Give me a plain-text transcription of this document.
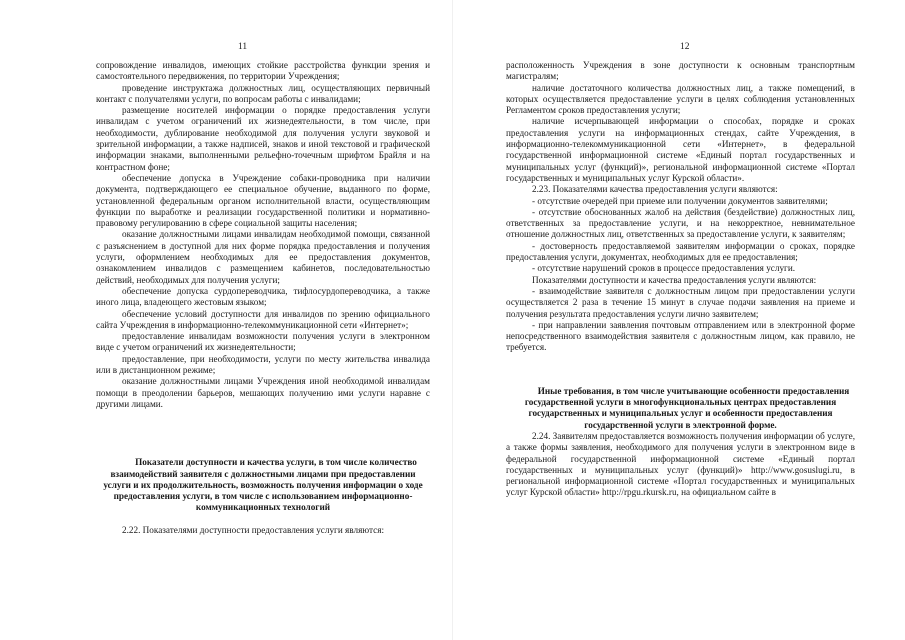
11

сопровождение инвалидов, имеющих стойкие расстройства функции зрения и самостоятельного передвижения, по территории Учреждения;

проведение инструктажа должностных лиц, осуществляющих первичный контакт с получателями услуги, по вопросам работы с инвалидами;

размещение носителей информации о порядке предоставления услуги инвалидам с учетом ограничений их жизнедеятельности, в том числе, при необходимости, дублирование необходимой для получения услуги звуковой и зрительной информации, а также надписей, знаков и иной текстовой и графической информации знаками, выполненными рельефно-точечным шрифтом Брайля и на контрастном фоне;

обеспечение допуска в Учреждение собаки-проводника при наличии документа, подтверждающего ее специальное обучение, выданного по форме, установленной федеральным органом исполнительной власти, осуществляющим функции по выработке и реализации государственной политики и нормативно-правовому регулированию в сфере социальной защиты населения;

оказание должностными лицами инвалидам необходимой помощи, связанной с разъяснением в доступной для них форме порядка предоставления и получения услуги, оформлением необходимых для ее предоставления документов, ознакомлением инвалидов с размещением кабинетов, последовательностью действий, необходимых для получения услуги;

обеспечение допуска сурдопереводчика, тифлосурдопереводчика, а также иного лица, владеющего жестовым языком;

обеспечение условий доступности для инвалидов по зрению официального сайта Учреждения в информационно-телекоммуникационной сети «Интернет»;

предоставление инвалидам возможности получения услуги в электронном виде с учетом ограничений их жизнедеятельности;

предоставление, при необходимости, услуги по месту жительства инвалида или в дистанционном режиме;

оказание должностными лицами Учреждения иной необходимой инвалидам помощи в преодолении барьеров, мешающих получению ими услуги наравне с другими лицами.

Показатели доступности и качества услуги, в том числе количество взаимодействий заявителя с должностными лицами при предоставлении услуги и их продолжительность, возможность получения информации о ходе предоставления услуги, в том числе с использованием информационно-коммуникационных технологий

2.22. Показателями доступности предоставления услуги являются:

12

расположенность Учреждения в зоне доступности к основным транспортным магистралям;

наличие достаточного количества должностных лиц, а также помещений, в которых осуществляется предоставление услуги в целях соблюдения установленных Регламентом сроков предоставления услуги;

наличие исчерпывающей информации о способах, порядке и сроках предоставления услуги на информационных стендах, сайте Учреждения, в информационно-телекоммуникационной сети «Интернет», в федеральной государственной информационной системе «Единый портал государственных и муниципальных услуг (функций)», региональной информационной системе «Портал государственных и муниципальных услуг Курской области».

2.23. Показателями качества предоставления услуги являются:

- отсутствие очередей при приеме или получении документов заявителями;

- отсутствие обоснованных жалоб на действия (бездействие) должностных лиц, ответственных за предоставление услуги, и на некорректное, невнимательное отношение должностных лиц, ответственных за предоставление услуги, к заявителям;

- достоверность предоставляемой заявителям информации о сроках, порядке предоставления услуги, документах, необходимых для ее предоставления;

- отсутствие нарушений сроков в процессе предоставления услуги.

Показателями доступности и качества предоставления услуги являются:

- взаимодействие заявителя с должностным лицом при предоставлении услуги осуществляется 2 раза в течение 15 минут в случае подачи заявления на приеме и получения результата предоставления услуги лично заявителем;

- при направлении заявления почтовым отправлением или в электронной форме непосредственного взаимодействия заявителя с должностным лицом, как правило, не требуется.

Иные требования, в том числе учитывающие особенности предоставления государственной услуги в многофункциональных центрах предоставления государственных и муниципальных услуг и особенности предоставления государственной услуги в электронной форме.

2.24. Заявителям предоставляется возможность получения информации об услуге, а также формы заявления, необходимого для получения услуги в электронном виде в федеральной государственной информационной системе «Единый портал государственных и муниципальных услуг (функций)» http://www.gosuslugi.ru, в региональной информационной системе «Портал государственных и муниципальных услуг Курской области» http://rpgu.rkursk.ru, на официальном сайте в
